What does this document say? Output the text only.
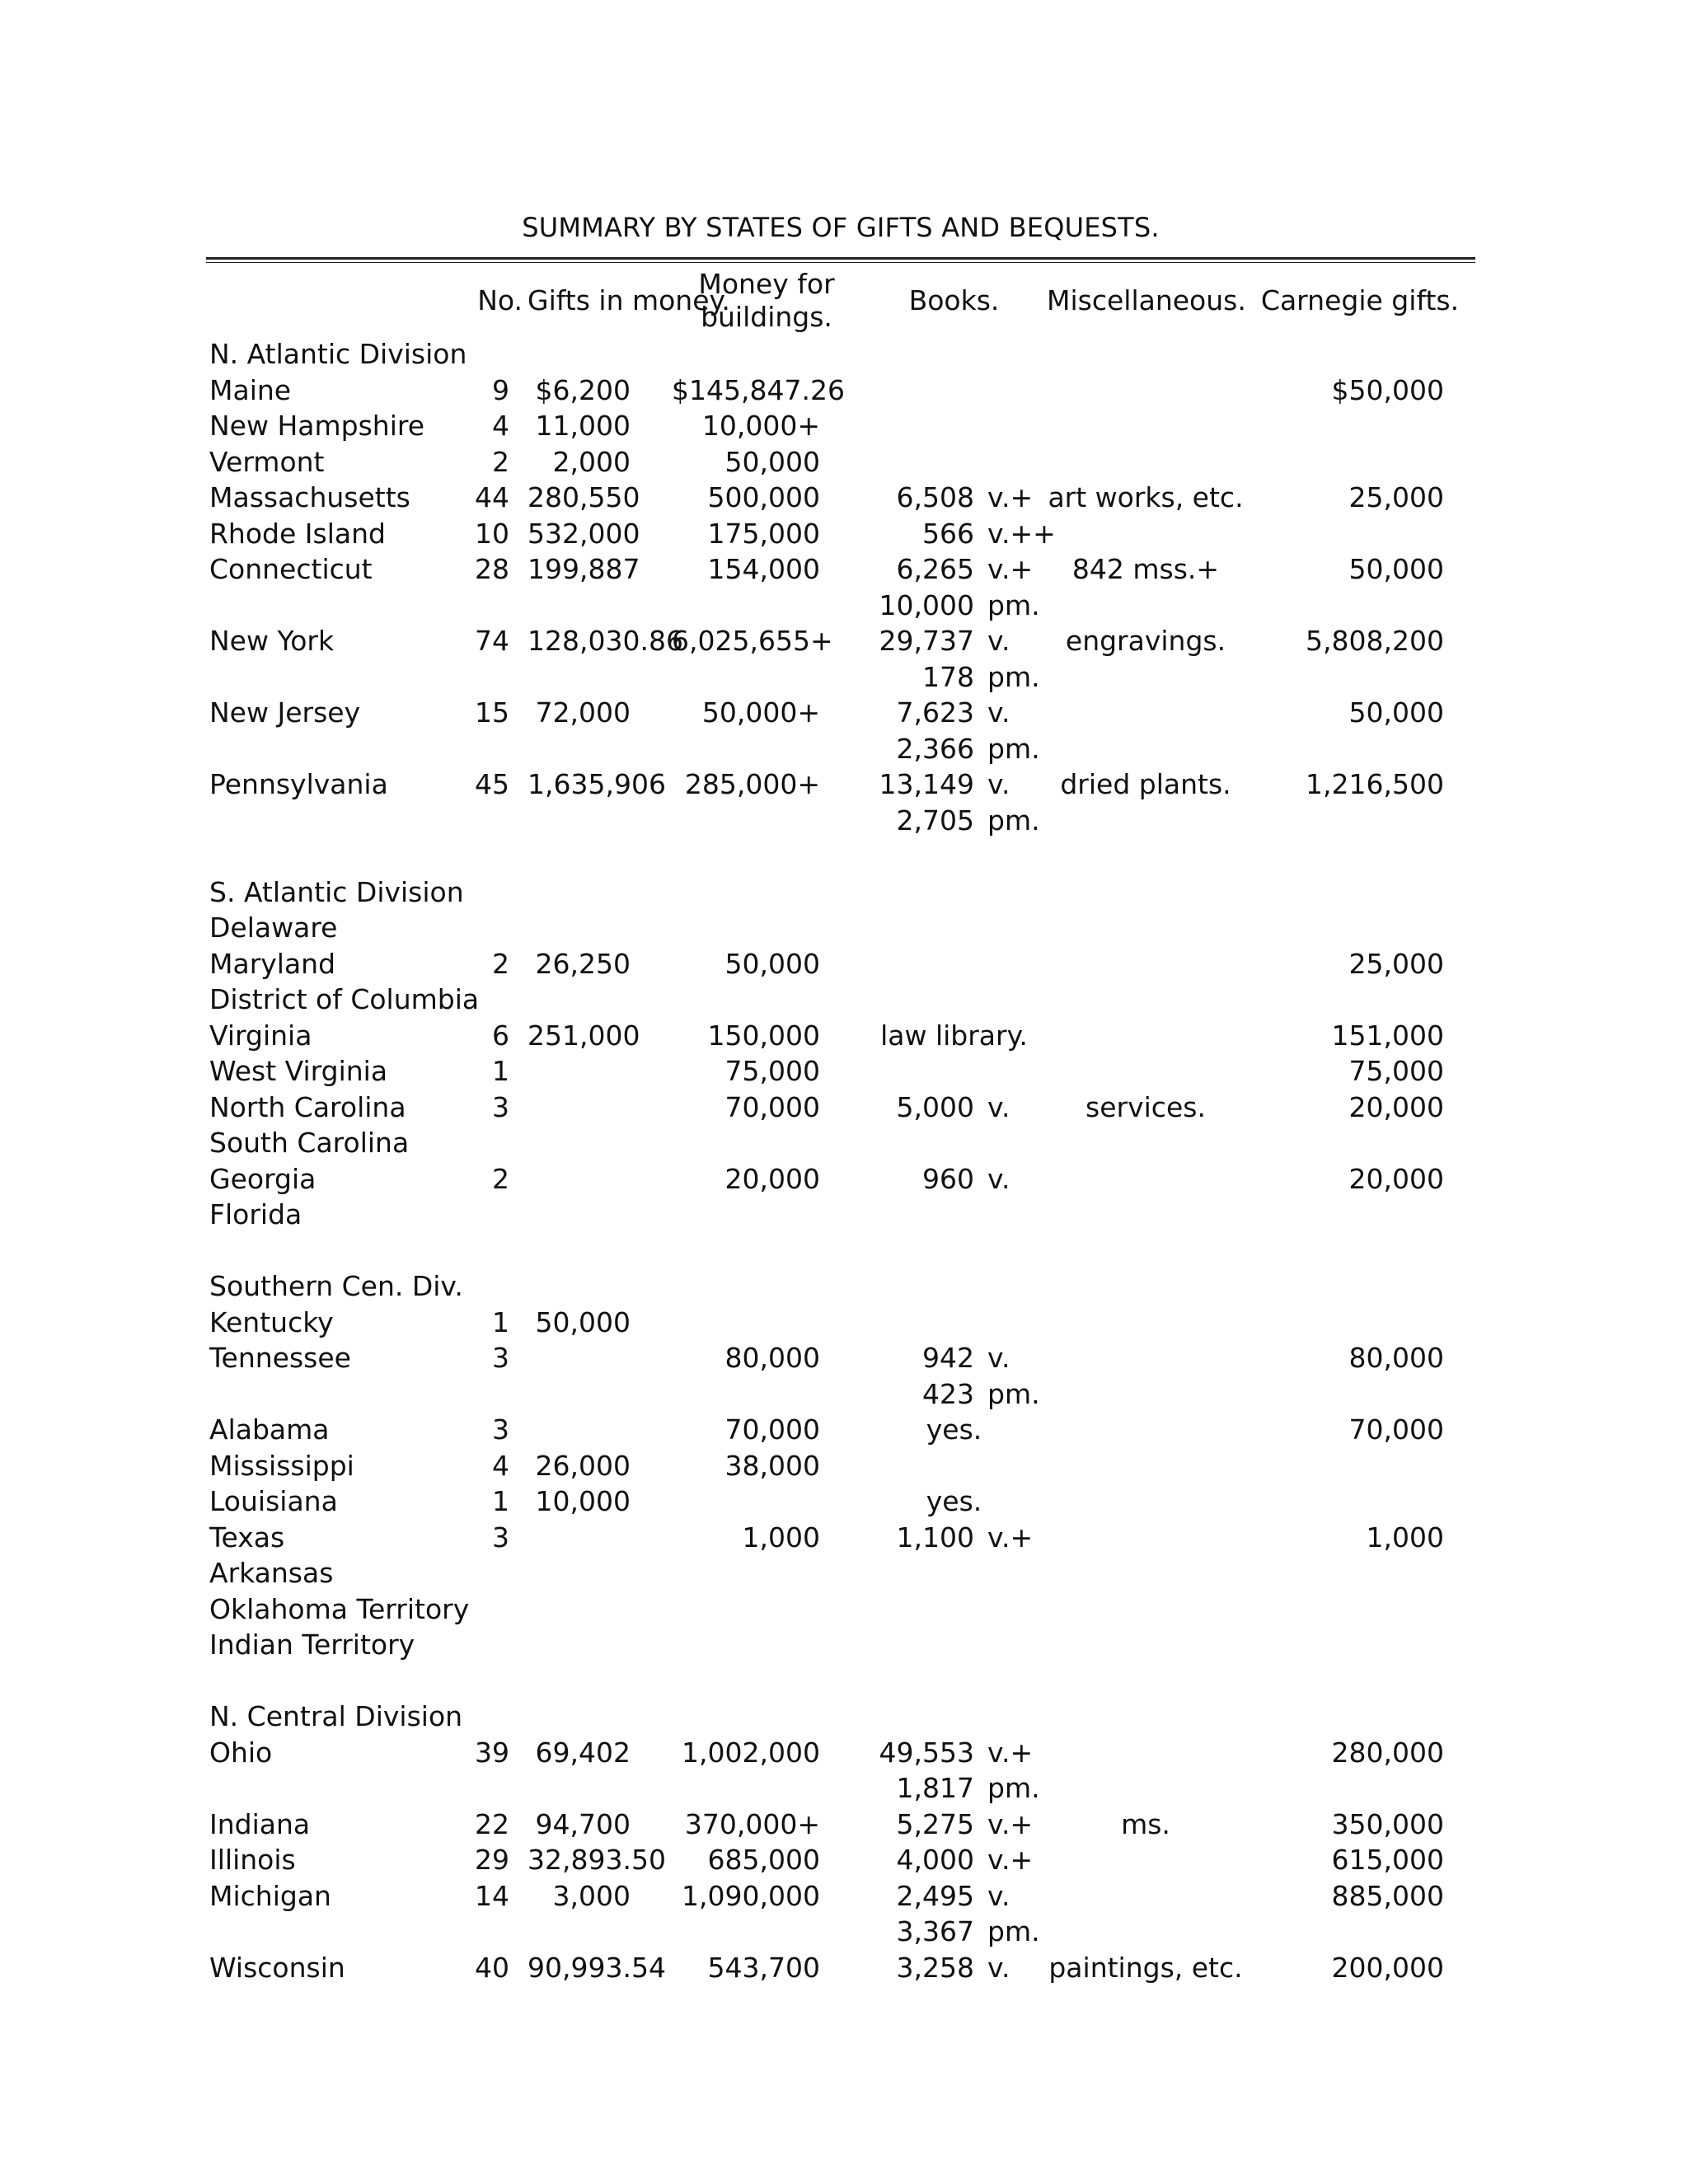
SUMMARY BY STATES OF GIFTS AND BEQUESTS.
	No.	Gifts in money.	Money for
buildings.	Books.		Miscellaneous.	Carnegie gifts.
N. Atlantic Division							
Maine	9	$6,200	$145,847.26				$50,000
New Hampshire	4	11,000	10,000+				
Vermont	2	2,000	50,000				
Massachusetts	44	280,550	500,000	6,508	v.+	art works, etc.	25,000
Rhode Island	10	532,000	175,000	566	v.++		
Connecticut	28	199,887	154,000	6,265	v.+	842 mss.+	50,000
				10,000	pm.		
New York	74	128,030.86	6,025,655+	29,737	v.	engravings.	5,808,200
				178	pm.		
New Jersey	15	72,000	50,000+	7,623	v.		50,000
				2,366	pm.		
Pennsylvania	45	1,635,906	285,000+	13,149	v.	dried plants.	1,216,500
				2,705	pm.		

S. Atlantic Division							
Delaware							
Maryland	2	26,250	50,000				25,000
District of Columbia							
Virginia	6	251,000	150,000	law library.			151,000
West Virginia	1		75,000				75,000
North Carolina	3		70,000	5,000	v.	services.	20,000
South Carolina							
Georgia	2		20,000	960	v.		20,000
Florida							

Southern Cen. Div.							
Kentucky	1	50,000					
Tennessee	3		80,000	942	v.		80,000
				423	pm.		
Alabama	3		70,000	yes.			70,000
Mississippi	4	26,000	38,000				
Louisiana	1	10,000		yes.			
Texas	3		1,000	1,100	v.+		1,000
Arkansas							
Oklahoma Territory							
Indian Territory							

N. Central Division							
Ohio	39	69,402	1,002,000	49,553	v.+		280,000
				1,817	pm.		
Indiana	22	94,700	370,000+	5,275	v.+	ms.	350,000
Illinois	29	32,893.50	685,000	4,000	v.+		615,000
Michigan	14	3,000	1,090,000	2,495	v.		885,000
				3,367	pm.		
Wisconsin	40	90,993.54	543,700	3,258	v.	paintings, etc.	200,000
